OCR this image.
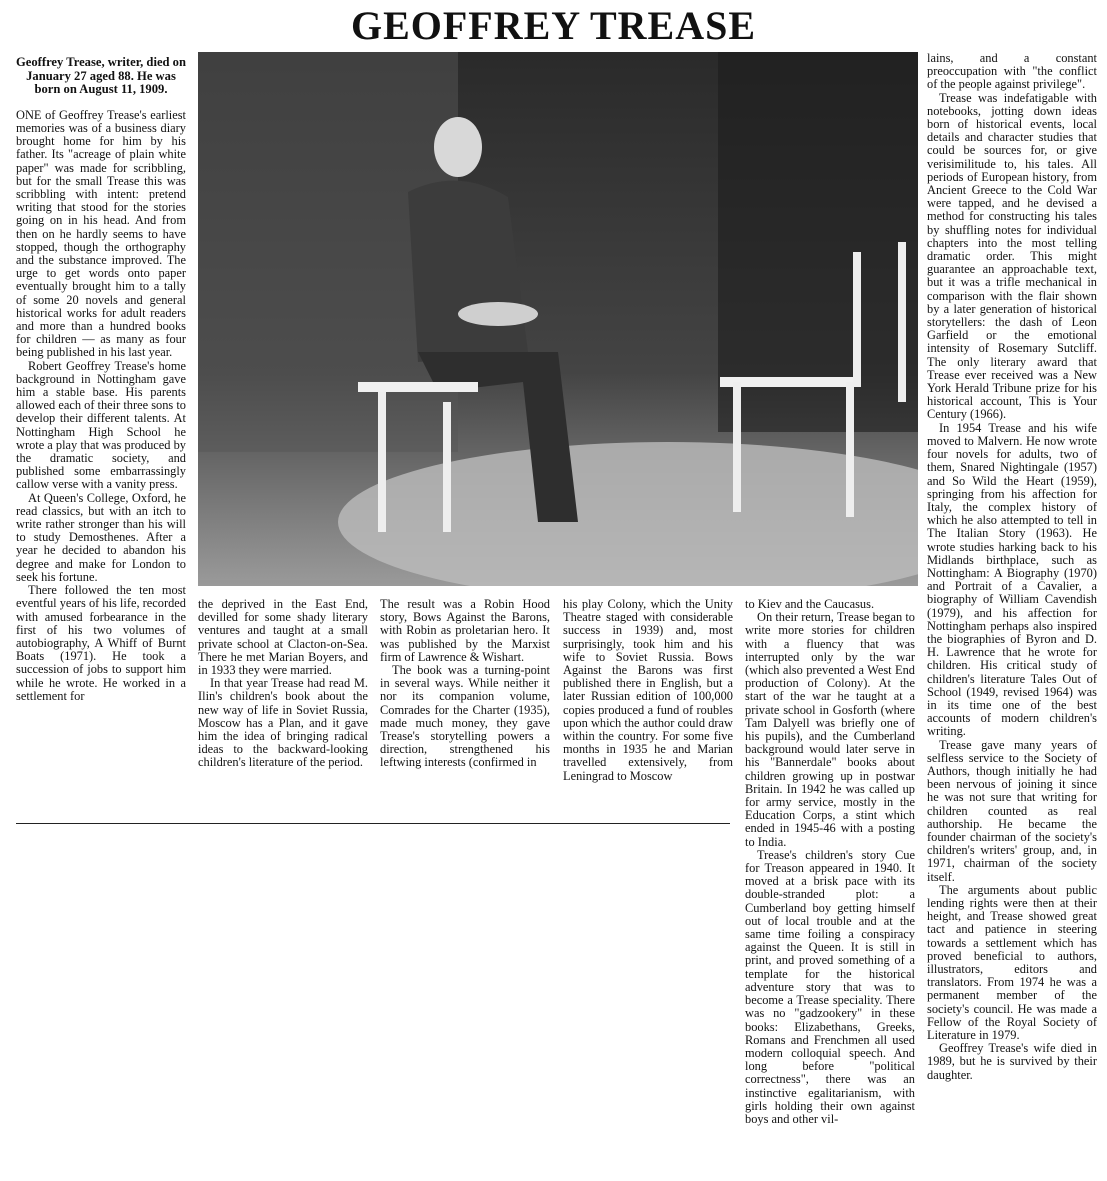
GEOFFREY TREASE

Geoffrey Trease, writer, died on January 27 aged 88. He was born on August 11, 1909.

ONE of Geoffrey Trease's earliest memories was of a business diary brought home for him by his father. Its "acreage of plain white paper" was made for scribbling, but for the small Trease this was scribbling with intent: pretend writing that stood for the stories going on in his head. And from then on he hardly seems to have stopped, though the orthography and the substance improved. The urge to get words onto paper eventually brought him to a tally of some 20 novels and general historical works for adult readers and more than a hundred books for children — as many as four being published in his last year.

Robert Geoffrey Trease's home background in Nottingham gave him a stable base. His parents allowed each of their three sons to develop their different talents. At Nottingham High School he wrote a play that was produced by the dramatic society, and published some embarrassingly callow verse with a vanity press.

At Queen's College, Oxford, he read classics, but with an itch to write rather stronger than his will to study Demosthenes. After a year he decided to abandon his degree and make for London to seek his fortune.

There followed the ten most eventful years of his life, recorded with amused forbearance in the first of his two volumes of autobiography, A Whiff of Burnt Boats (1971). He took a succession of jobs to support him while he wrote. He worked in a settlement for

the deprived in the East End, devilled for some shady literary ventures and taught at a small private school at Clacton-on-Sea. There he met Marian Boyers, and in 1933 they were married.

In that year Trease had read M. Ilin's children's book about the new way of life in Soviet Russia, Moscow has a Plan, and it gave him the idea of bringing radical ideas to the backward-looking children's literature of the period.

The result was a Robin Hood story, Bows Against the Barons, with Robin as proletarian hero. It was published by the Marxist firm of Lawrence & Wishart.

The book was a turning-point in several ways. While neither it nor its companion volume, Comrades for the Charter (1935), made much money, they gave Trease's storytelling powers a direction, strengthened his leftwing interests (confirmed in

his play Colony, which the Unity Theatre staged with considerable success in 1939) and, most surprisingly, took him and his wife to Soviet Russia. Bows Against the Barons was first published there in English, but a later Russian edition of 100,000 copies produced a fund of roubles upon which the author could draw within the country. For some five months in 1935 he and Marian travelled extensively, from Leningrad to Moscow

to Kiev and the Caucasus.

On their return, Trease began to write more stories for children with a fluency that was interrupted only by the war (which also prevented a West End production of Colony). At the start of the war he taught at a private school in Gosforth (where Tam Dalyell was briefly one of his pupils), and the Cumberland background would later serve in his "Bannerdale" books about children growing up in postwar Britain. In 1942 he was called up for army service, mostly in the Education Corps, a stint which ended in 1945-46 with a posting to India.

Trease's children's story Cue for Treason appeared in 1940. It moved at a brisk pace with its double-stranded plot: a Cumberland boy getting himself out of local trouble and at the same time foiling a conspiracy against the Queen. It is still in print, and proved something of a template for the historical adventure story that was to become a Trease speciality. There was no "gadzookery" in these books: Elizabethans, Greeks, Romans and Frenchmen all used modern colloquial speech. And long before "political correctness", there was an instinctive egalitarianism, with girls holding their own against boys and other vil-

lains, and a constant preoccupation with "the conflict of the people against privilege".

Trease was indefatigable with notebooks, jotting down ideas born of historical events, local details and character studies that could be sources for, or give verisimilitude to, his tales. All periods of European history, from Ancient Greece to the Cold War were tapped, and he devised a method for constructing his tales by shuffling notes for individual chapters into the most telling dramatic order. This might guarantee an approachable text, but it was a trifle mechanical in comparison with the flair shown by a later generation of historical storytellers: the dash of Leon Garfield or the emotional intensity of Rosemary Sutcliff. The only literary award that Trease ever received was a New York Herald Tribune prize for his historical account, This is Your Century (1966).

In 1954 Trease and his wife moved to Malvern. He now wrote four novels for adults, two of them, Snared Nightingale (1957) and So Wild the Heart (1959), springing from his affection for Italy, the complex history of which he also attempted to tell in The Italian Story (1963). He wrote studies harking back to his Midlands birthplace, such as Nottingham: A Biography (1970) and Portrait of a Cavalier, a biography of William Cavendish (1979), and his affection for Nottingham perhaps also inspired the biographies of Byron and D. H. Lawrence that he wrote for children. His critical study of children's literature Tales Out of School (1949, revised 1964) was in its time one of the best accounts of modern children's writing.

Trease gave many years of selfless service to the Society of Authors, though initially he had been nervous of joining it since he was not sure that writing for children counted as real authorship. He became the founder chairman of the society's children's writers' group, and, in 1971, chairman of the society itself.

The arguments about public lending rights were then at their height, and Trease showed great tact and patience in steering towards a settlement which has proved beneficial to authors, illustrators, editors and translators. From 1974 he was a permanent member of the society's council. He was made a Fellow of the Royal Society of Literature in 1979.

Geoffrey Trease's wife died in 1989, but he is survived by their daughter.
